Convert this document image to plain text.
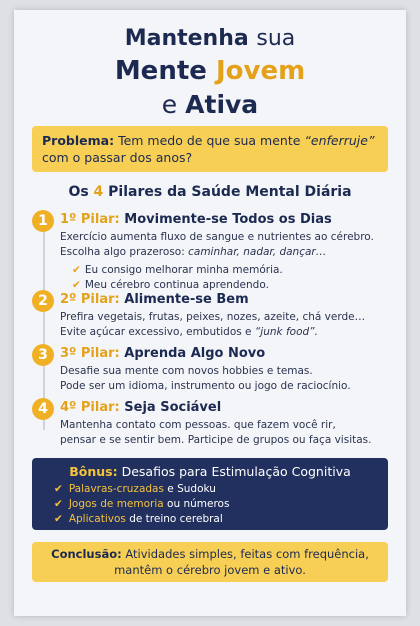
Mantenha sua
Mente Jovem
e Ativa
Problema: Tem medo de que sua mente “enferruje”
com o passar dos anos?
Os 4 Pilares da Saúde Mental Diária
1 1º Pilar: Movimente-se Todos os Dias
Exercício aumenta fluxo de sangue e nutrientes ao cérebro.
Escolha algo prazeroso: caminhar, nadar, dançar…
✔ Eu consigo melhorar minha memória.
✔ Meu cérebro continua aprendendo.
2 2º Pilar: Alimente-se Bem
Prefira vegetais, frutas, peixes, nozes, azeite, chá verde…
Evite açúcar excessivo, embutidos e “junk food”.
3 3º Pilar: Aprenda Algo Novo
Desafie sua mente com novos hobbies e temas.
Pode ser um idioma, instrumento ou jogo de raciocínio.
4 4º Pilar: Seja Sociável
Mantenha contato com pessoas. que fazem você rir,
pensar e se sentir bem. Participe de grupos ou faça visitas.
Bônus: Desafios para Estimulação Cognitiva
✔ Palavras-cruzadas e Sudoku
✔ Jogos de memoria ou números
✔ Aplicativos de treino cerebral
Conclusão: Atividades simples, feitas com frequência,
mantêm o cérebro jovem e ativo.
